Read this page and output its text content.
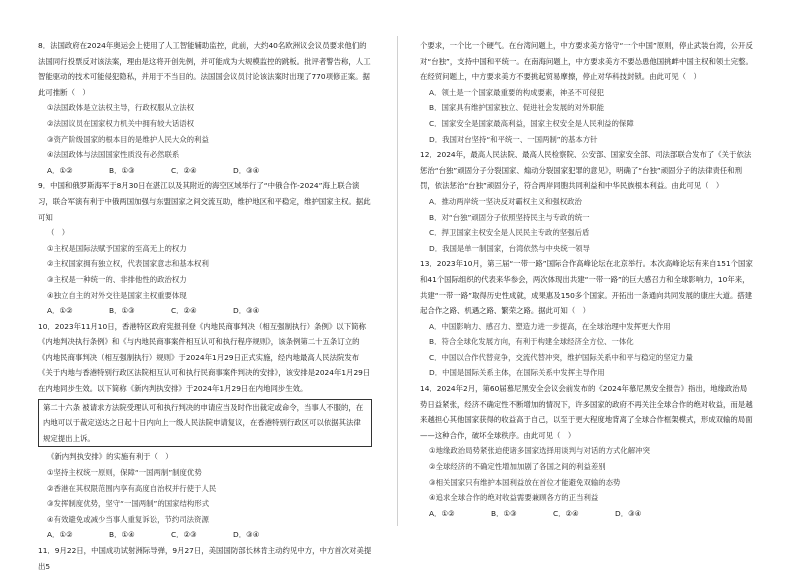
8．法国政府在2024年奥运会上使用了人工智能辅助监控，此前，大约40名欧洲议会议员要求他们的法国同行投票反对该法案，理由是这将开创先例，并可能成为大规模监控的跳板。批评者警告称，人工智能驱动的技术可能侵犯隐私，并用于不当目的。法国国会议员讨论该法案时出现了770项修正案。据此可推断（　）

①法国政体是立法权主导，行政权服从立法权

②法国议员在国家权力机关中拥有较大话语权

③资产阶级国家的根本目的是维护人民大众的利益

④法国政体与法国国家性质没有必然联系

A．①②	B．①③	C．②④	D．③④

9．中国和俄罗斯海军于8月30日在湛江以及其附近的海空区域举行了“中俄合作-2024”海上联合演习，联合军演有利于中俄两国加强与东盟国家之间交流互助，维护地区和平稳定，维护国家主权。据此可知

（　）

①主权是国际法赋予国家的至高无上的权力

②主权国家拥有独立权，代表国家意志和基本权利

③主权是一种统一的、非排他性的政治权力

④独立自主的对外交往是国家主权重要体现

A．①②	B．①③	C．②④	D．③④

10．2023年11月10日，香港特区政府宪报刊登《内地民商事判决（相互强制执行）条例》以下简称《内地判决执行条例》和《与内地民商事案件相互认可和执行程序规则》，该条例第二十五条订立的《内地民商事判决（相互强制执行）规则》于2024年1月29日正式实施，经内地最高人民法院发布《关于内地与香港特别行政区法院相互认可和执行民商事案件判决的安排》，该安排是2024年1月29日在内地同步生效。以下简称《新内判执安排》于2024年1月29日在内地同步生效。

第二十六条 被请求方法院受理认可和执行判决的申请应当及时作出裁定或命令，当事人不服的，在内地可以于裁定送达之日起十日内向上一级人民法院申请复议，在香港特别行政区可以依据其法律规定提出上诉。

《新内判执安排》的实施有利于（　）

①坚持主权统一原则，保障“一国两制”制度优势

②香港在其权限范围内享有高度自治权并行使于人民

③发挥制度优势，坚守“一国两制”的国家结构形式

④有效避免或减少当事人重复诉讼，节约司法资源

A．①②	B．①④	C．②③	D．③④

11．9月22日，中国成功试射洲际导弹，9月27日，美国国防部长林肯主动约见中方，中方首次对美提出5

个要求，一个比一个硬气。在台湾问题上，中方要求美方恪守“一个中国”原则，停止武装台湾，公开反对“台独”，支持中国和平统一。在南海问题上，中方要求美方不要怂恿他国挑衅中国主权和领土完整。在经贸问题上，中方要求美方不要挑起贸易摩擦，停止对华科技封锁。由此可见（　）

A．领土是一个国家最重要的构成要素，神圣不可侵犯

B．国家具有维护国家独立、促进社会发展的对外职能

C．国家安全是国家最高利益，国家主权安全是人民利益的保障

D．我国对台坚持“和平统一、一国两制”的基本方针

12．2024年，最高人民法院、最高人民检察院、公安部、国家安全部、司法部联合发布了《关于依法惩治“台独”顽固分子分裂国家、煽动分裂国家犯罪的意见》，明确了“台独”顽固分子的法律责任和刑罚，依法惩治“台独”顽固分子，符合两岸同胞共同利益和中华民族根本利益。由此可见（　）

A．推动两岸统一坚决反对霸权主义和强权政治

B．对“台独”顽固分子依照坚持民主与专政的统一

C．捍卫国家主权安全是人民民主专政的坚强后盾

D．我国是单一制国家，台湾依然与中央统一领导

13．2023年10月，第三届“一带一路”国际合作高峰论坛在北京举行。本次高峰论坛有来自151个国家和41个国际组织的代表来华参会，两次体现出共建“一带一路”的巨大感召力和全球影响力，10年来，共建“一带一路”取得历史性成就，成果惠及150多个国家。开拓出一条通向共同发展的康庄大道。搭建起合作之路、机遇之路、繁荣之路。据此可知（　）

A．中国影响力、感召力、塑造力进一步提高，在全球治理中发挥更大作用

B．符合全球化发展方向，有利于构建全球经济全方位、一体化

C．中国以合作代替竞争，交流代替冲突，维护国际关系中和平与稳定的坚定力量

D．中国是国际关系主体，在国际关系中发挥主导作用

14．2024年2月，第60届慕尼黑安全会议会前发布的《2024年慕尼黑安全报告》指出，地缘政治局势日益紧张，经济不确定性不断增加的情况下，许多国家的政府不再关注全球合作的绝对收益，而是越来越担心其他国家获得的收益高于自己，以至于更大程度地背离了全球合作框架模式，形成双输的局面——这种合作，破坏全球秩序。由此可见（　）

①地缘政治局势紧张迫使诸多国家选择用谈判与对话的方式化解冲突

②全球经济的不确定性增加加剧了各国之间的利益差别

③相关国家只有维护本国利益放在首位才能避免双输的态势

④追求全球合作的绝对收益需要兼顾各方的正当利益

A．①②	B．①③	C．②④	D．③④
